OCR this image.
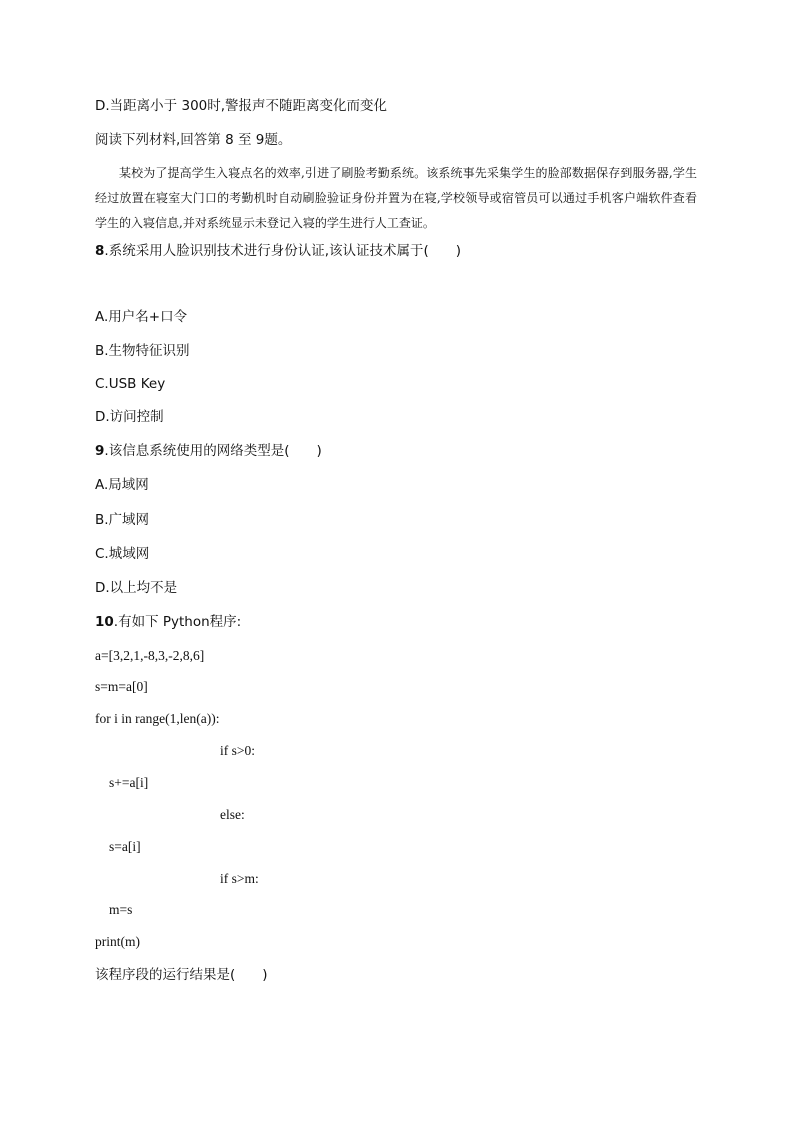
D.当距离小于 300时,警报声不随距离变化而变化
阅读下列材料,回答第 8 至 9题。
某校为了提高学生入寝点名的效率,引进了刷脸考勤系统。该系统事先采集学生的脸部数据保存到服务器,学生经过放置在寝室大门口的考勤机时自动刷脸验证身份并置为在寝,学校领导或宿管员可以通过手机客户端软件查看学生的入寝信息,并对系统显示未登记入寝的学生进行人工查证。
8.系统采用人脸识别技术进行身份认证,该认证技术属于(　　)
A.用户名+口令
B.生物特征识别
C.USB Key
D.访问控制
9.该信息系统使用的网络类型是(　　)
A.局域网
B.广域网
C.城域网
D.以上均不是
10.有如下 Python程序:
a=[3,2,1,-8,3,-2,8,6]
s=m=a[0]
for i in range(1,len(a)):
if s>0:
s+=a[i]
else:
s=a[i]
if s>m:
m=s
print(m)
该程序段的运行结果是(　　)
